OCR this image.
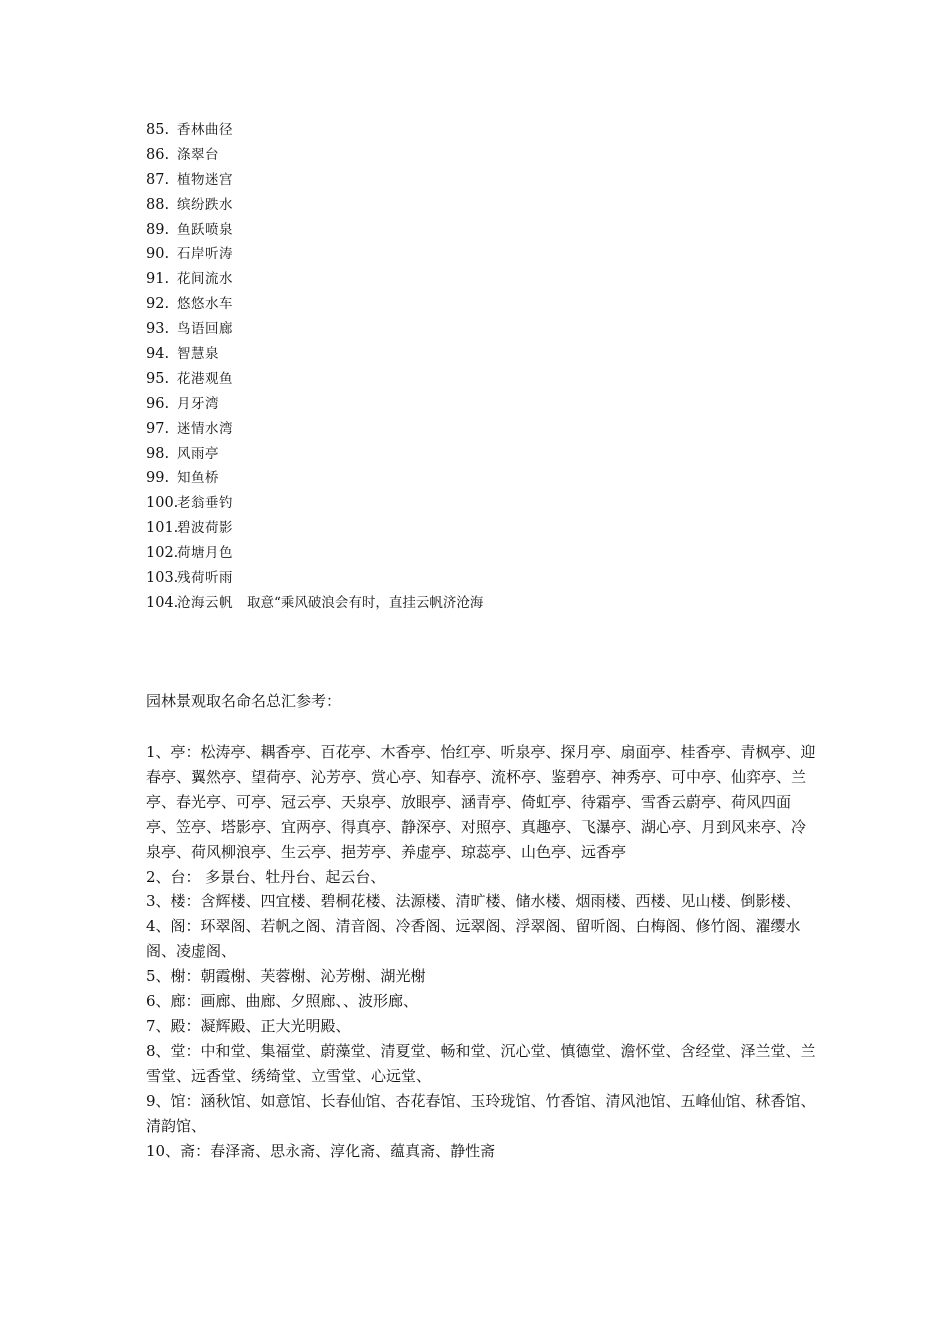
85. 香林曲径
86. 涤翠台
87. 植物迷宫
88. 缤纷跌水
89. 鱼跃喷泉
90. 石岸听涛
91. 花间流水
92. 悠悠水车
93. 鸟语回廊
94. 智慧泉
95. 花港观鱼
96. 月牙湾
97. 迷情水湾
98. 风雨亭
99. 知鱼桥
100.老翁垂钓
101.碧波荷影
102.荷塘月色
103.残荷听雨
104.沧海云帆 取意“乘风破浪会有时，直挂云帆济沧海
园林景观取名命名总汇参考：

1、亭：松涛亭、耦香亭、百花亭、木香亭、怡红亭、听泉亭、探月亭、扇面亭、桂香亭、青枫亭、迎春亭、翼然亭、望荷亭、沁芳亭、赏心亭、知春亭、流杯亭、鉴碧亭、神秀亭、可中亭、仙弈亭、兰亭、春光亭、可亭、冠云亭、天泉亭、放眼亭、涵青亭、倚虹亭、待霜亭、雪香云蔚亭、荷风四面亭、笠亭、塔影亭、宜两亭、得真亭、静深亭、对照亭、真趣亭、飞瀑亭、湖心亭、月到风来亭、冷泉亭、荷风柳浪亭、生云亭、挹芳亭、养虚亭、琼蕊亭、山色亭、远香亭

2、台： 多景台、牡丹台、起云台、

3、楼：含辉楼、四宜楼、碧桐花楼、法源楼、清旷楼、储水楼、烟雨楼、西楼、见山楼、倒影楼、

4、阁：环翠阁、若帆之阁、清音阁、冷香阁、远翠阁、浮翠阁、留听阁、白梅阁、修竹阁、濯缨水阁、凌虚阁、

5、榭：朝霞榭、芙蓉榭、沁芳榭、湖光榭

6、廊：画廊、曲廊、夕照廊、、波形廊、

7、殿：凝辉殿、正大光明殿、

8、堂：中和堂、集福堂、蔚藻堂、清夏堂、畅和堂、沉心堂、慎德堂、澹怀堂、含经堂、泽兰堂、兰雪堂、远香堂、绣绮堂、立雪堂、心远堂、

9、馆：涵秋馆、如意馆、长春仙馆、杏花春馆、玉玲珑馆、竹香馆、清风池馆、五峰仙馆、秫香馆、清韵馆、

10、斋：春泽斋、思永斋、淳化斋、蕴真斋、静性斋
